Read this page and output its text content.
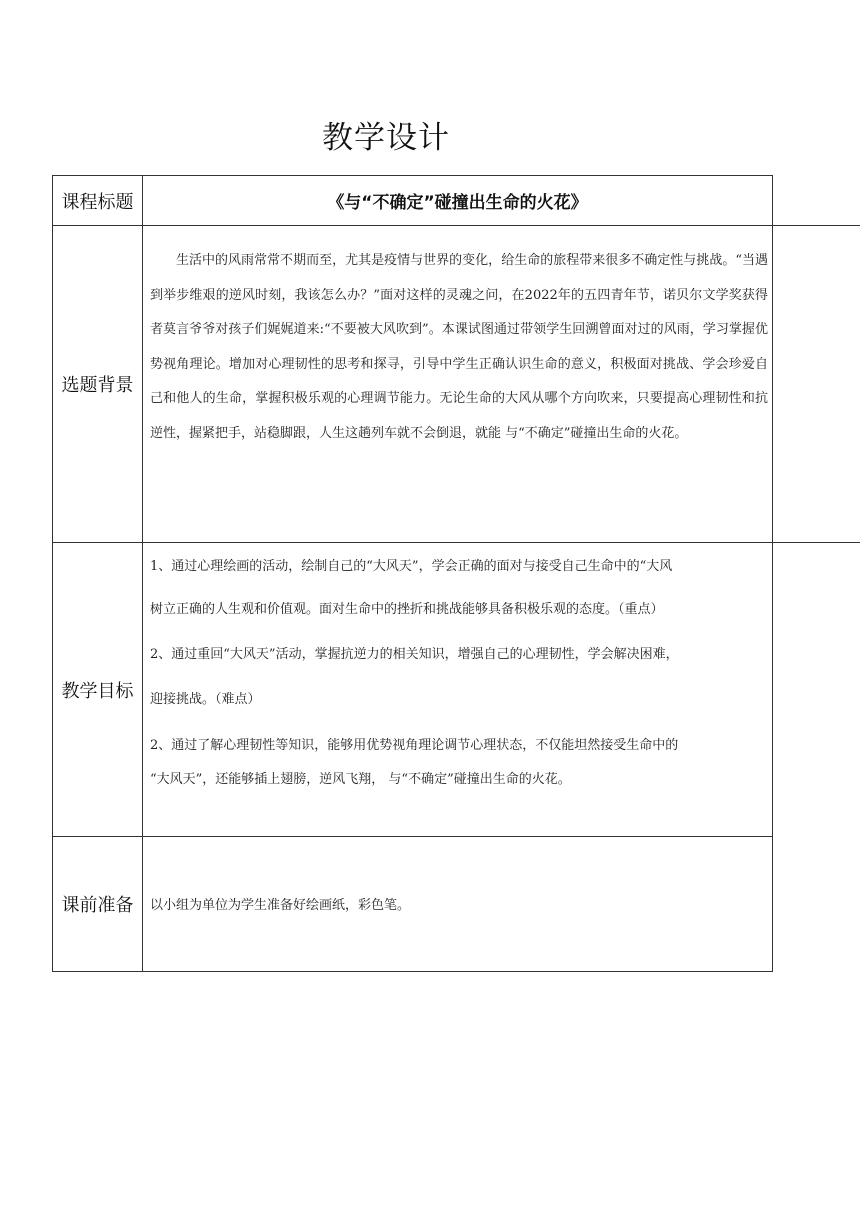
教学设计
课程标题	《与“不确定”碰撞出生命的火花》
选题背景
生活中的风雨常常不期而至，尤其是疫情与世界的变化，给生命的旅程带来很多不确定性与挑战。“当遇到举步维艰的逆风时刻，我该怎么办？”面对这样的灵魂之问，在2022年的五四青年节，诺贝尔文学奖获得者莫言爷爷对孩子们娓娓道来:“不要被大风吹到”。本课试图通过带领学生回溯曾面对过的风雨，学习掌握优势视角理论。增加对心理韧性的思考和探寻，引导中学生正确认识生命的意义，积极面对挑战、学会珍爱自己和他人的生命，掌握积极乐观的心理调节能力。无论生命的大风从哪个方向吹来，只要提高心理韧性和抗逆性，握紧把手，站稳脚跟，人生这趟列车就不会倒退，就能 与“不确定”碰撞出生命的火花。
教学目标
1、通过心理绘画的活动，绘制自己的“大风天”，学会正确的面对与接受自己生命中的“大风
树立正确的人生观和价值观。面对生命中的挫折和挑战能够具备积极乐观的态度。（重点）
2、通过重回“大风天”活动，掌握抗逆力的相关知识，增强自己的心理韧性，学会解决困难，
迎接挑战。（难点）
2、通过了解心理韧性等知识，能够用优势视角理论调节心理状态，不仅能坦然接受生命中的
“大风天”，还能够插上翅膀，逆风飞翔， 与“不确定”碰撞出生命的火花。
课前准备	以小组为单位为学生准备好绘画纸，彩色笔。
